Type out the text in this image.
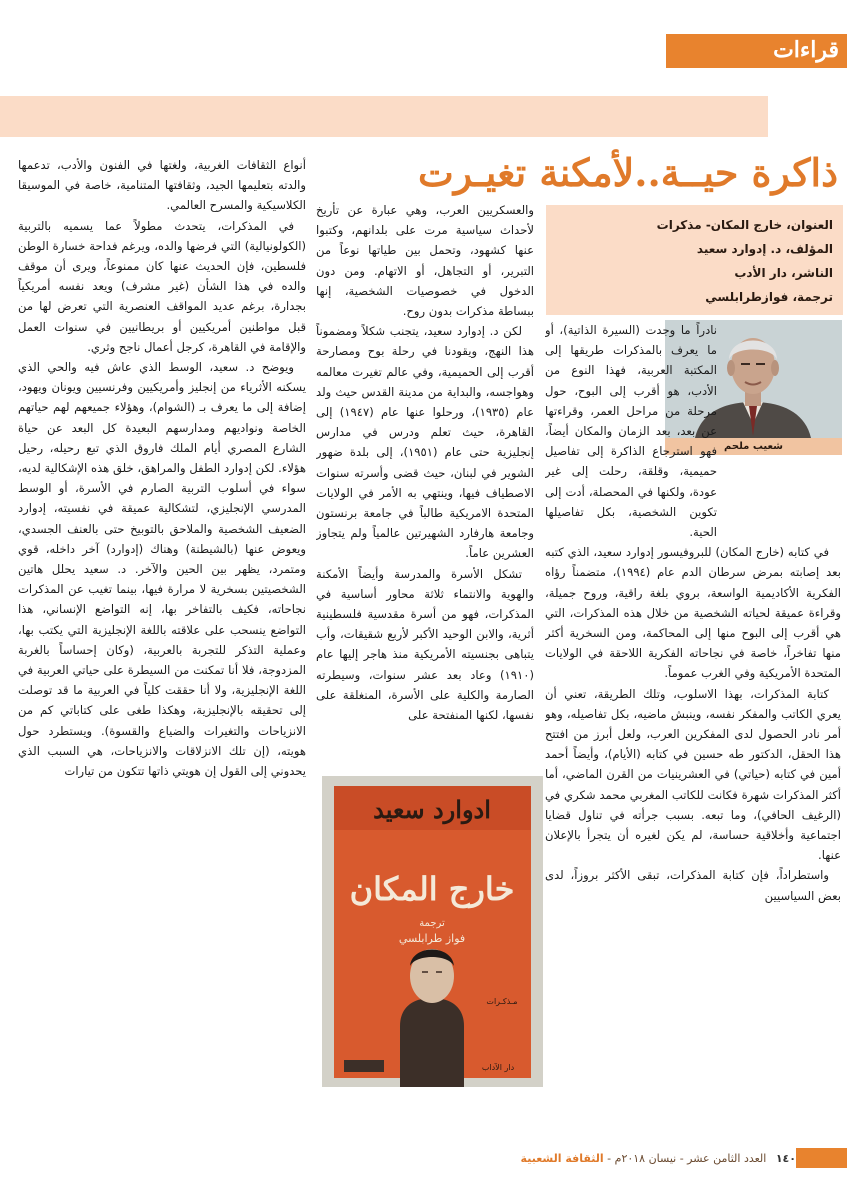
قراءات
ذاكرة حيــة..لأمكنة تغيـرت
العنوان، خارج المكان- مذكرات
المؤلف، د. إدوارد سعيد
الناشر، دار الأدب
ترجمة، فوازطرابلسي
شعيب ملحم

نادراً ما وجدت (السيرة الذاتية)، أو ما يعرف بالمذكرات طريقها إلى المكتبة العربية، فهذا النوع من الأدب، هو أقرب إلى البوح، حول مرحلة من مراحل العمر، وقراءتها عن بعد، بعد الزمان والمكان أيضاً، فهو استرجاع الذاكرة إلى تفاصيل حميمية، وقلقة، رحلت إلى غير عودة، ولكنها في المحصلة، أدت إلى تكوين الشخصية، بكل تفاصيلها الحية.

في كتابه (خارج المكان) للبروفيسور إدوارد سعيد، الذي كتبه بعد إصابته بمرض سرطان الدم عام (١٩٩٤)، متضمناً رؤاه الفكرية الأكاديمية الواسعة، بروي بلغة راقية، وروح جميلة، وقراءة عميقة لحياته الشخصية من خلال هذه المذكرات، التي هي أقرب إلى البوح منها إلى المحاكمة، ومن السخرية أكثر منها تفاخراً، خاصة في نجاحاته الفكرية اللاحقة في الولايات المتحدة الأمريكية وفي الغرب عموماً.

كتابة المذكرات، بهذا الاسلوب، وتلك الطريقة، تعني أن يعري الكاتب والمفكر نفسه، وينبش ماضيه، بكل تفاصيله، وهو أمر نادر الحصول لدى المفكرين العرب، ولعل أبرز من افتتح هذا الحقل، الدكتور طه حسين في كتابه (الأيام)، وأيضاً أحمد أمين في كتابه (حياتي) في العشرينيات من القرن الماضي، أما أكثر المذكرات شهرة فكانت للكاتب المغربي محمد شكري في (الرغيف الحافي)، وما تبعه. بسبب جرأته في تناول قضايا اجتماعية وأخلاقية حساسة، لم يكن لغيره أن يتجرأ بالإعلان عنها.

واستطراداً، فإن كتابة المذكرات، تبقى الأكثر بروزاً، لدى بعض السياسيين

والعسكريين العرب، وهي عبارة عن تأريخ لأحداث سياسية مرت على بلدانهم، وكتبوا عنها كشهود، وتحمل بين طياتها نوعاً من التبرير، أو التجاهل، أو الاتهام. ومن دون الدخول في خصوصيات الشخصية، إنها ببساطة مذكرات بدون روح.

لكن د. إدوارد سعيد، يتجنب شكلاً ومضموناً هذا النهج، ويقودنا في رحلة بوح ومصارحة أقرب إلى الحميمية، وفي عالم تغيرت معالمه وهواجسه، والبداية من مدينة القدس حيث ولد عام (١٩٣٥)، ورحلوا عنها عام (١٩٤٧) إلى القاهرة، حيث تعلم ودرس في مدارس إنجليزية حتى عام (١٩٥١)، إلى بلدة ضهور الشوير في لبنان، حيث قضى وأسرته سنوات الاصطياف فيها، وينتهي به الأمر في الولايات المتحدة الامريكية طالباً في جامعة برنستون وجامعة هارفارد الشهيرتين عالمياً ولم يتجاوز العشرين عاماً.

تشكل الأسرة والمدرسة وأيضاً الأمكنة والهوية والانتماء ثلاثة محاور أساسية في المذكرات، فهو من أسرة مقدسية فلسطينية أثرية، والابن الوحيد الأكبر لأربع شقيقات، وأب يتباهى بجنسيته الأمريكية منذ هاجر إليها عام (١٩١٠) وعاد بعد عشر سنوات، وسيطرته الصارمة والكلية على الأسرة، المنغلقة على نفسها، لكنها المنفتحة على

أنواع الثقافات الغربية، ولغتها في الفنون والأدب، تدعمها والدته بتعليمها الجيد، وثقافتها المتنامية، خاصة في الموسيقا الكلاسيكية والمسرح العالمي.

في المذكرات، يتحدث مطولاً عما يسميه بالتربية (الكولونيالية) التي فرضها والده، ويرغم فداحة خسارة الوطن فلسطين، فإن الحديث عنها كان ممنوعاً، ويرى أن موقف والده في هذا الشأن (غير مشرف) ويعد نفسه أمريكياً بجدارة، برغم عديد المواقف العنصرية التي تعرض لها من قبل مواطنين أمريكيين أو بريطانيين في سنوات العمل والإقامة في القاهرة، كرجل أعمال ناجح وثري.

ويوضح د. سعيد، الوسط الذي عاش فيه والحي الذي يسكنه الأثرياء من إنجليز وأمريكيين وفرنسيين ويونان ويهود، إضافة إلى ما يعرف بـ (الشوام)، وهؤلاء جميعهم لهم حياتهم الخاصة ونواديهم ومدارسهم البعيدة كل البعد عن حياة الشارع المصري أيام الملك فاروق الذي تبع رحيله، رحيل هؤلاء. لكن إدوارد الطفل والمراهق، خلق هذه الإشكالية لديه، سواء في أسلوب التربية الصارم في الأسرة، أو الوسط المدرسي الإنجليزي، لتشكالية عميقة في نفسيته، إدوارد الضعيف الشخصية والملاحق بالتوبيخ حتى بالعنف الجسدي، ويعوض عنها (بالشيطنة) وهناك (إدوارد) آخر داخله، قوي ومتمرد، يظهر بين الحين والآخر. د. سعيد يحلل هاتين الشخصيتين بسخرية لا مرارة فيها، بينما تغيب عن المذكرات نجاحاته، فكيف بالتفاخر بها، إنه التواضع الإنساني، هذا التواضع ينسحب على علاقته باللغة الإنجليزية التي يكتب بها، وعملية التذكر للتجربة بالعربية، (وكان إحساساً بالغربة المزدوجة، فلا أنا تمكنت من السيطرة على حياتي العربية في اللغة الإنجليزية، ولا أنا حققت كلياً في العربية ما قد توصلت إلى تحقيقه بالإنجليزية، وهكذا طغى على كتاباتي كم من الانزياحات والتغيرات والضياع والقسوة). ويستطرد حول هويته، (إن تلك الانزلاقات والانزياحات، هي السبب الذي يحدوني إلى القول إن هويتي ذاتها تتكون من تيارات

ادوارد سعيد
خارج المكان
ترجمة
فواز طرابلسي
مـذكـرات
دار الآداب
١٤٠ العدد الثامن عشر - نيسان ٢٠١٨م - الثقافة الشعبية
